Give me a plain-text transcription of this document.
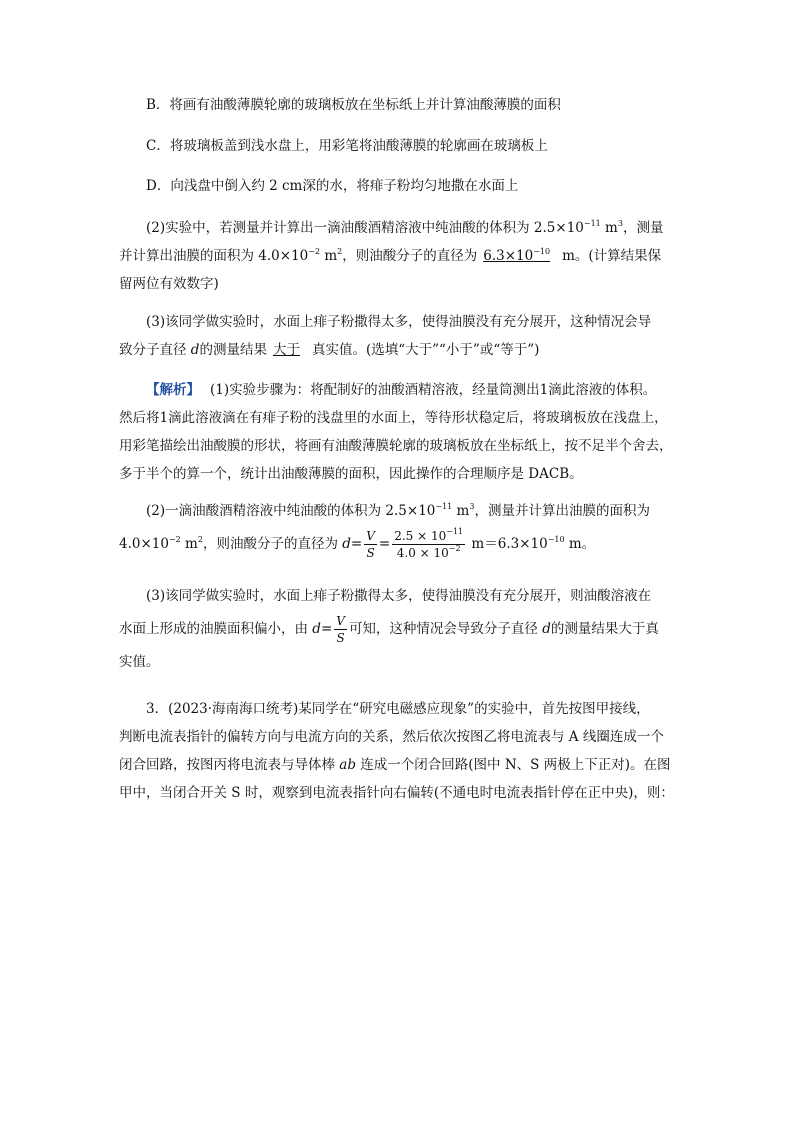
B．将画有油酸薄膜轮廓的玻璃板放在坐标纸上并计算油酸薄膜的面积
C．将玻璃板盖到浅水盘上，用彩笔将油酸薄膜的轮廓画在玻璃板上
D．向浅盘中倒入约 2 cm深的水，将痱子粉均匀地撒在水面上
(2)实验中，若测量并计算出一滴油酸酒精溶液中纯油酸的体积为 $2.5\times 10^{-11}$ $m^3$，测量
并计算出油膜的面积为 $4.0\times 10^{-2}$ $m^2$，则油酸分子的直径为 $6.3\times 10^{-10}$ m。(计算结果保
留两位有效数字)
(3)该同学做实验时，水面上痱子粉撒得太多，使得油膜没有充分展开，这种情况会导
致分子直径 d的测量结果 大于 真实值。(选填“大于”“小于”或“等于”)
【解析】 (1)实验步骤为：将配制好的油酸酒精溶液，经量筒测出1滴此溶液的体积。
然后将1滴此溶液滴在有痱子粉的浅盘里的水面上，等待形状稳定后，将玻璃板放在浅盘上，
用彩笔描绘出油酸膜的形状，将画有油酸薄膜轮廓的玻璃板放在坐标纸上，按不足半个舍去，
多于半个的算一个，统计出油酸薄膜的面积，因此操作的合理顺序是 DACB。
(2)一滴油酸酒精溶液中纯油酸的体积为 $2.5\times 10^{-11}$ $m^3$，测量并计算出油膜的面积为
$4.0\times 10^{-2}$ $m^2$，则油酸分子的直径为 $d= \frac{V}{S} = \frac{2.5 \times 10^{-11}}{4.0 \times 10^{-2}} m=6.3\times 10^{-10}$ m。
(3)该同学做实验时，水面上痱子粉撒得太多，使得油膜没有充分展开，则油酸溶液在
水面上形成的油膜面积偏小，由 $d= \frac{V}{S}$ 可知，这种情况会导致分子直径 d的测量结果大于真
实值。
3．(2023·海南海口统考)某同学在“研究电磁感应现象”的实验中，首先按图甲接线，
判断电流表指针的偏转方向与电流方向的关系，然后依次按图乙将电流表与 A 线圈连成一个
闭合回路，按图丙将电流表与导体棒 ab 连成一个闭合回路(图中 N、S 两极上下正对)。在图
甲中，当闭合开关 S 时，观察到电流表指针向右偏转(不通电时电流表指针停在正中央)，则：
